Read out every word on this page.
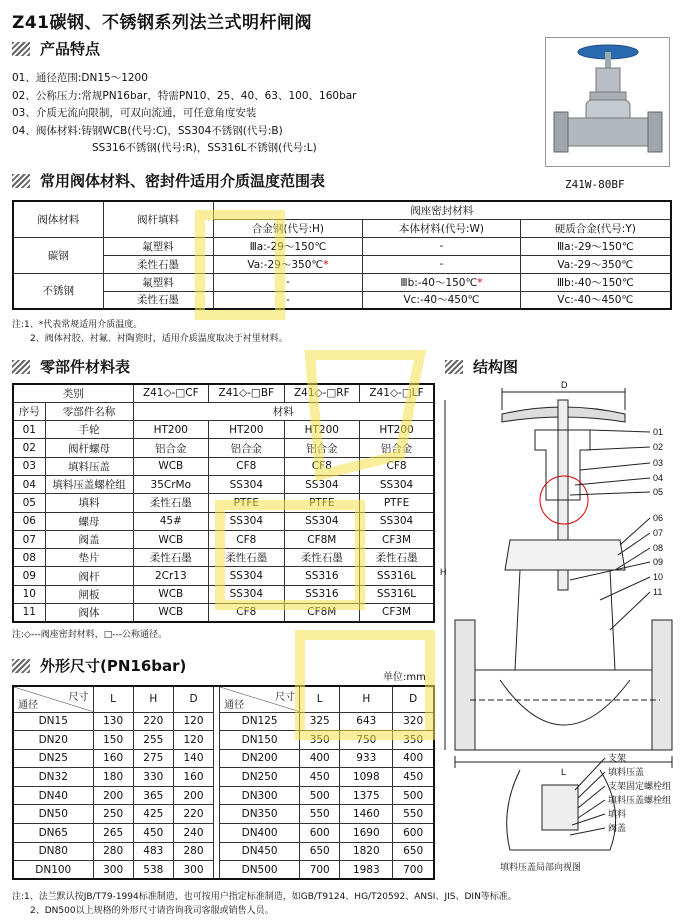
Z41碳钢、不锈钢系列法兰式明杆闸阀
产品特点
01、通径范围:DN15～1200
02、公称压力:常规PN16bar，特需PN10、25、40、63、100、160bar
03、介质无流向限制，可双向流通，可任意角度安装
04、阀体材料:铸钢WCB(代号:C)，SS304不锈钢(代号:B)
SS316不锈钢(代号:R)，SS316L不锈钢(代号:L)
Z41W-80BF
常用阀体材料、密封件适用介质温度范围表
阀体材料	阀杆填料	阀座密封材料		
		合金钢(代号:H)	本体材料(代号:W)	硬质合金(代号:Y)
碳钢	氟塑料	Ⅲa:-29～150℃	-	Ⅲa:-29～150℃
	柔性石墨	Va:-29～350℃*	-	Va:-29～350℃
不锈钢	氟塑料	-	Ⅲb:-40～150℃*	Ⅲb:-40～150℃
	柔性石墨	-	Vc:-40～450℃	Vc:-40～450℃
注:1、*代表常规适用介质温度。
2、阀体衬胶、衬氟、衬陶瓷时，适用介质温度取决于衬里材料。
零部件材料表	结构图
类别		Z41◇-□CF	Z41◇-□BF	Z41◇-□RF	Z41◇-□LF
序号	零部件名称	材料			
01	手轮	HT200	HT200	HT200	HT200
02	阀杆螺母	铝合金	铝合金	铝合金	铝合金
03	填料压盖	WCB	CF8	CF8	CF8
04	填料压盖螺栓组	35CrMo	SS304	SS304	SS304
05	填料	柔性石墨	PTFE	PTFE	PTFE
06	螺母	45#	SS304	SS304	SS304
07	阀盖	WCB	CF8	CF8M	CF3M
08	垫片	柔性石墨	柔性石墨	柔性石墨	柔性石墨
09	阀杆	2Cr13	SS304	SS316	SS316L
10	闸板	WCB	SS304	SS316	SS316L
11	阀体	WCB	CF8	CF8M	CF3M
注:◇---阀座密封材料，□---公称通径。
外形尺寸(PN16bar)
单位:mm
尺寸
通径	L	H	D		尺寸
通径	L	H	D
DN15	130	220	120		DN125	325	643	320
DN20	150	255	120		DN150	350	750	350
DN25	160	275	140		DN200	400	933	400
DN32	180	330	160		DN250	450	1098	450
DN40	200	365	200		DN300	500	1375	500
DN50	250	425	220		DN350	550	1460	550
DN65	265	450	240		DN400	600	1690	600
DN80	280	483	280		DN450	650	1820	650
DN100	300	538	300		DN500	700	1983	700
注:1、法兰默认按JB/T79-1994标准制造，也可按用户指定标准制造，如GB/T9124、HG/T20592、ANSI、JIS、DIN等标准。
2、DN500以上规格的外形尺寸请咨询我司客服或销售人员。
D
H
L
01
02
03
04
05
06
07
08
09
10
11
支架
填料压盖
支架固定螺栓组
填料压盖螺栓组
填料
阀盖
填料压盖局部向视图
